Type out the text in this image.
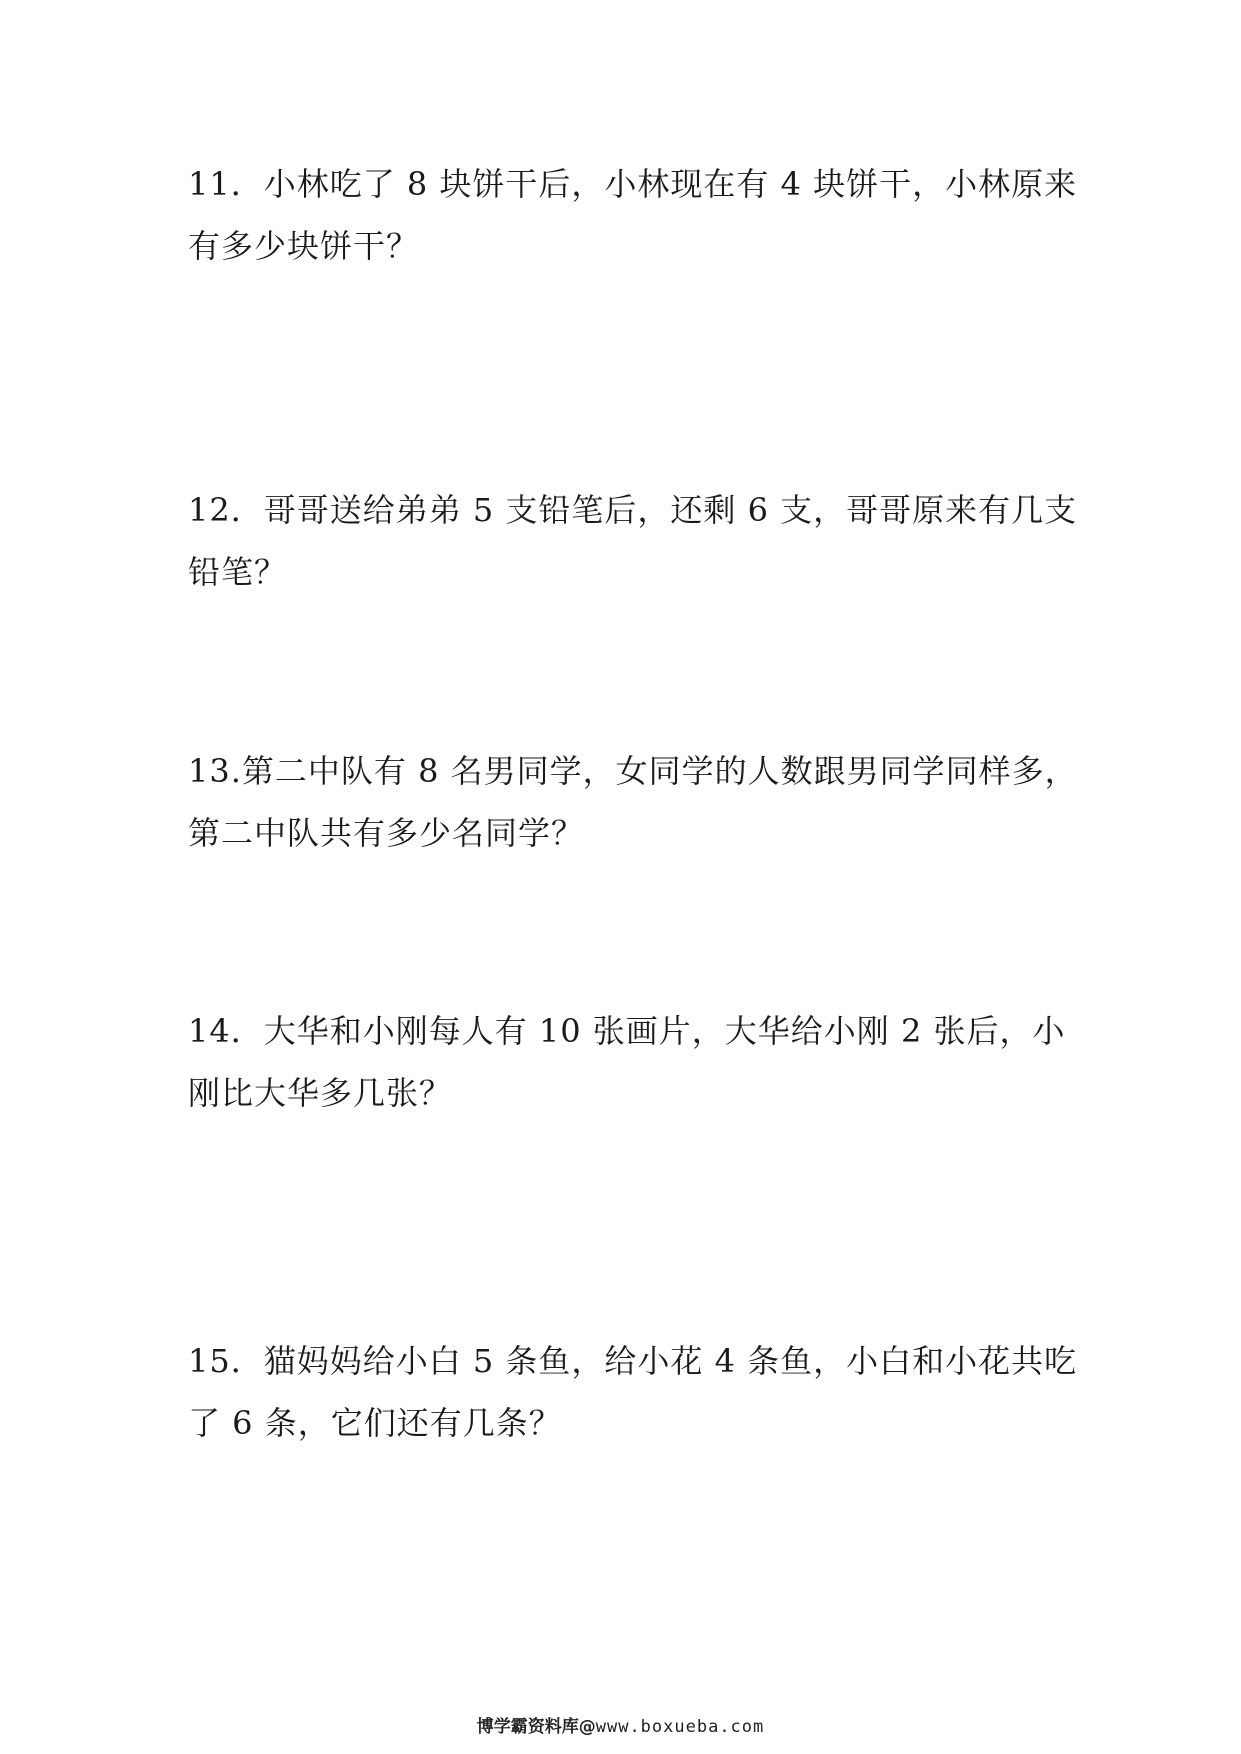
11．小林吃了 8 块饼干后，小林现在有 4 块饼干，小林原来
有多少块饼干？
12．哥哥送给弟弟 5 支铅笔后，还剩 6 支，哥哥原来有几支
铅笔？
13.第二中队有 8 名男同学，女同学的人数跟男同学同样多，
第二中队共有多少名同学？
14．大华和小刚每人有 10 张画片，大华给小刚 2 张后，小
刚比大华多几张？
15．猫妈妈给小白 5 条鱼，给小花 4 条鱼，小白和小花共吃
了 6 条，它们还有几条？
博学霸资料库@www.boxueba.com
